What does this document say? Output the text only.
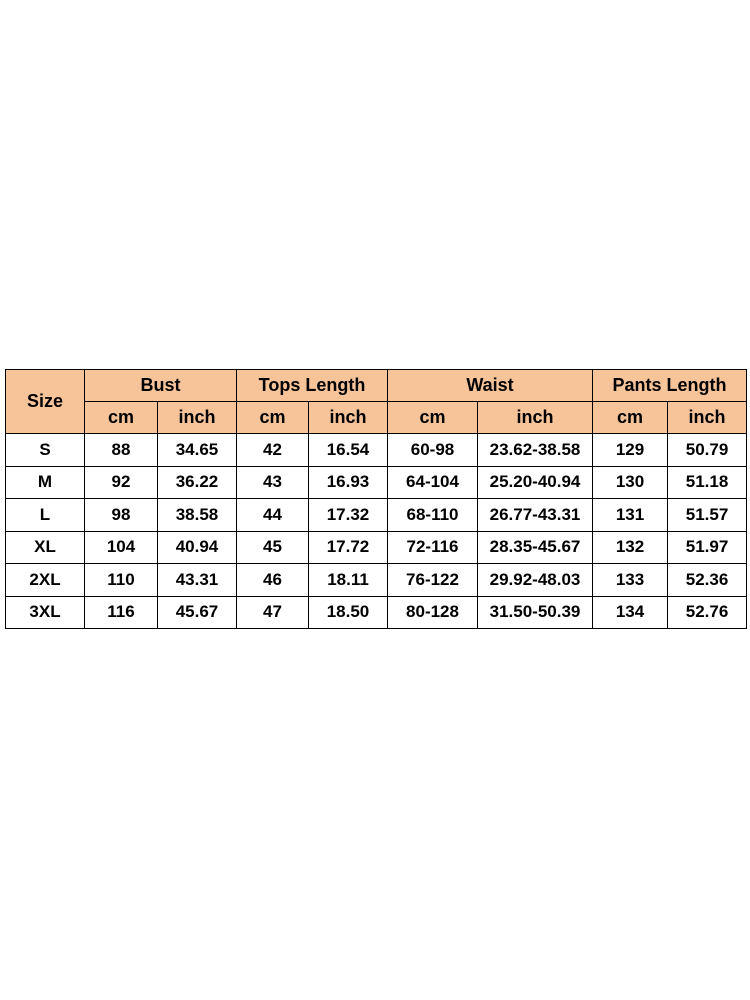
Size	Bust		Tops Length		Waist		Pants Length	
	cm	inch	cm	inch	cm	inch	cm	inch
S	88	34.65	42	16.54	60-98	23.62-38.58	129	50.79
M	92	36.22	43	16.93	64-104	25.20-40.94	130	51.18
L	98	38.58	44	17.32	68-110	26.77-43.31	131	51.57
XL	104	40.94	45	17.72	72-116	28.35-45.67	132	51.97
2XL	110	43.31	46	18.11	76-122	29.92-48.03	133	52.36
3XL	116	45.67	47	18.50	80-128	31.50-50.39	134	52.76
